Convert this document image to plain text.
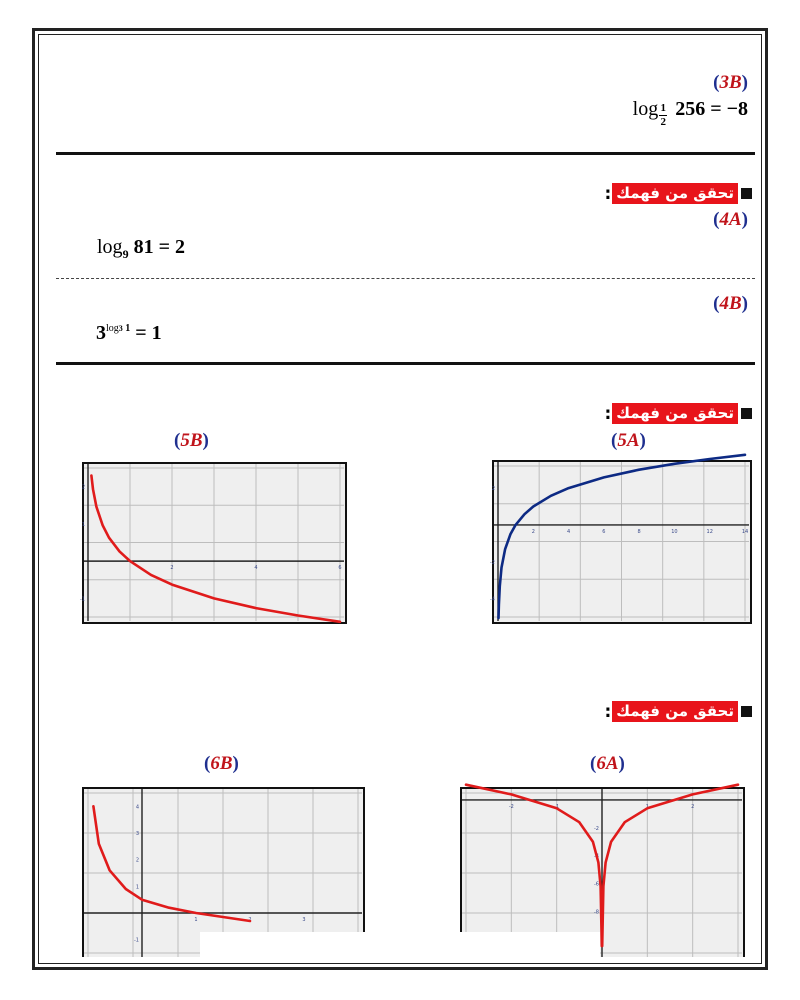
(3B)
$\log \frac{1}{2} 256 = -8$
: تحقق من فهمك
(4A)
$\log_9 81 = 2$
(4B)
$3^{log3 1} = 1$
: تحقق من فهمك
(5B)	(5A)
2	4	6
2
1
-1
2	4	6	8	10	12	14
2
-2
-4
: تحقق من فهمك
(6B)	(6A)
1	2	3
4
3
2
1
-1
-2	-1	1	2
-2
-4
-6
-8
